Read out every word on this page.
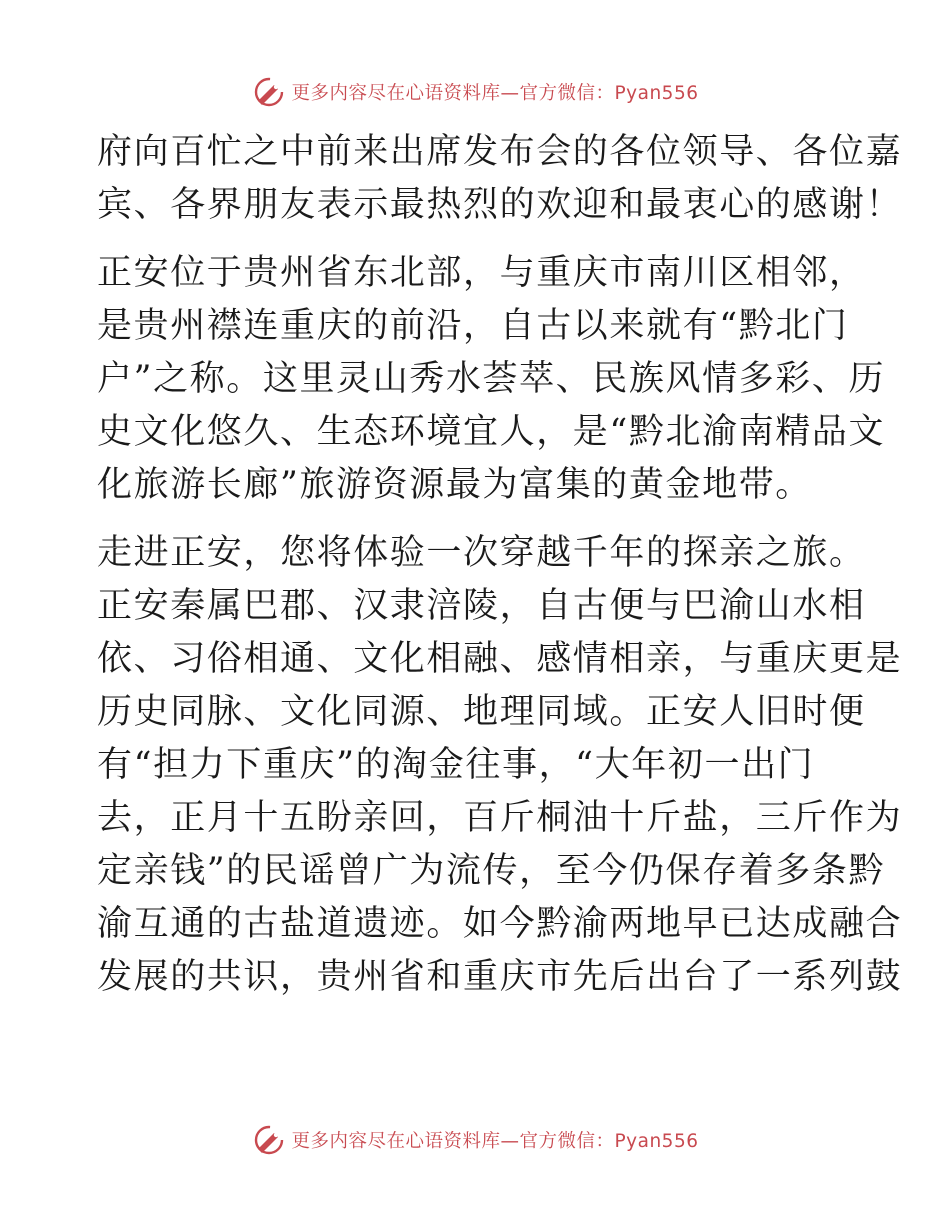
更多内容尽在心语资料库—官方微信：Pyan556
府向百忙之中前来出席发布会的各位领导、各位嘉
宾、各界朋友表示最热烈的欢迎和最衷心的感谢！
正安位于贵州省东北部，与重庆市南川区相邻，
是贵州襟连重庆的前沿，自古以来就有“黔北门
户”之称。这里灵山秀水荟萃、民族风情多彩、历
史文化悠久、生态环境宜人，是“黔北渝南精品文
化旅游长廊”旅游资源最为富集的黄金地带。
走进正安，您将体验一次穿越千年的探亲之旅。
正安秦属巴郡、汉隶涪陵，自古便与巴渝山水相
依、习俗相通、文化相融、感情相亲，与重庆更是
历史同脉、文化同源、地理同域。正安人旧时便
有“担力下重庆”的淘金往事，“大年初一出门
去，正月十五盼亲回，百斤桐油十斤盐，三斤作为
定亲钱”的民谣曾广为流传，至今仍保存着多条黔
渝互通的古盐道遗迹。如今黔渝两地早已达成融合
发展的共识，贵州省和重庆市先后出台了一系列鼓
更多内容尽在心语资料库—官方微信：Pyan556
